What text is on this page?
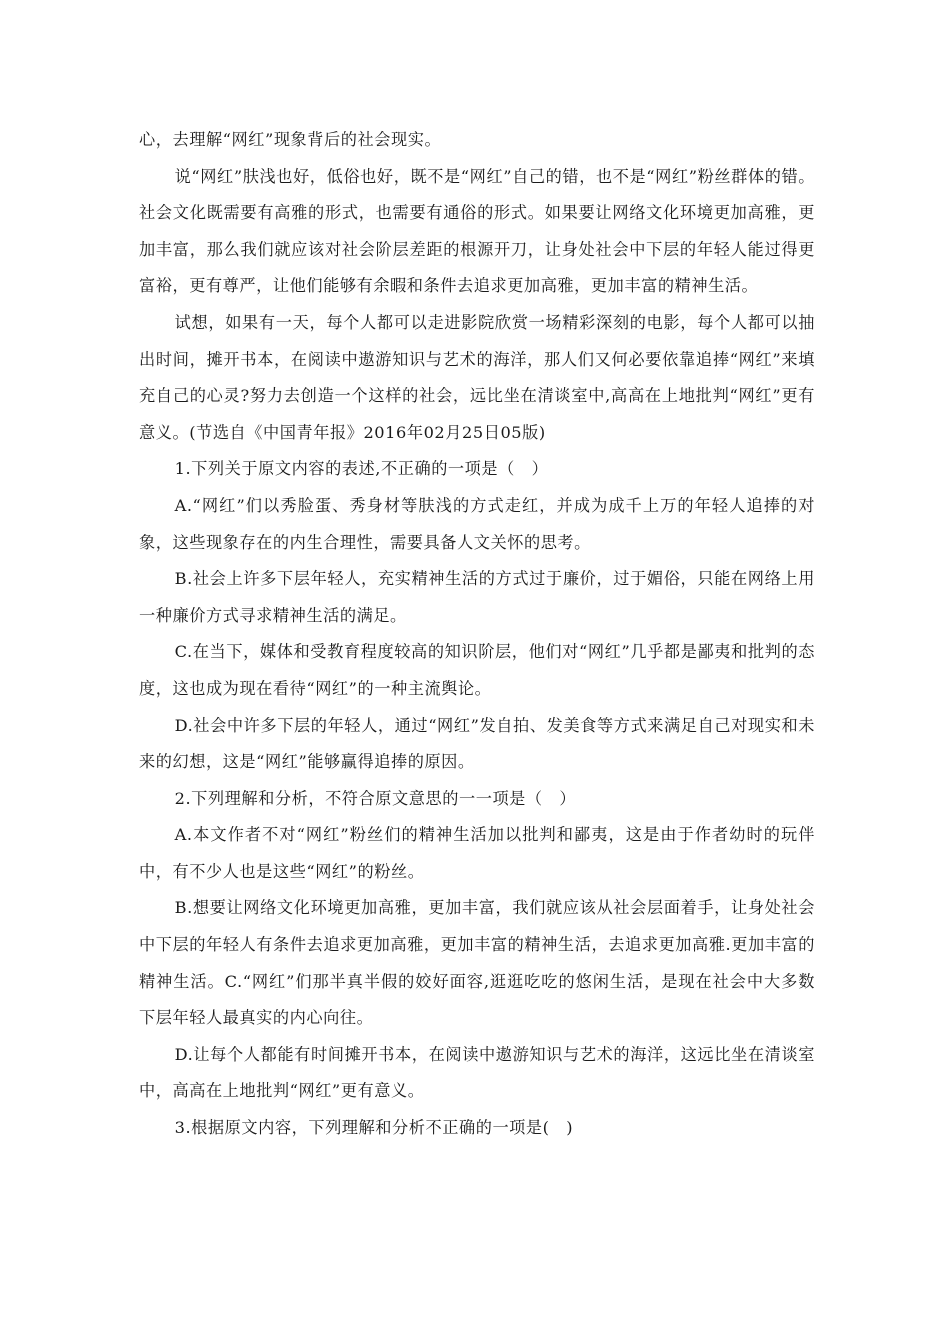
心，去理解“网红”现象背后的社会现实。

说“网红”肤浅也好，低俗也好，既不是“网红”自己的错，也不是“网红”粉丝群体的错。社会文化既需要有高雅的形式，也需要有通俗的形式。如果要让网络文化环境更加高雅，更加丰富，那么我们就应该对社会阶层差距的根源开刀，让身处社会中下层的年轻人能过得更富裕，更有尊严，让他们能够有余暇和条件去追求更加高雅，更加丰富的精神生活。

试想，如果有一天，每个人都可以走进影院欣赏一场精彩深刻的电影，每个人都可以抽出时间，摊开书本，在阅读中遨游知识与艺术的海洋，那人们又何必要依靠追捧“网红”来填充自己的心灵?努力去创造一个这样的社会，远比坐在清谈室中,高高在上地批判“网红”更有意义。(节选自《中国青年报》2016年02月25日05版)

1.下列关于原文内容的表述,不正确的一项是（　）

A.“网红”们以秀脸蛋、秀身材等肤浅的方式走红，并成为成千上万的年轻人追捧的对象，这些现象存在的内生合理性，需要具备人文关怀的思考。

B.社会上许多下层年轻人，充实精神生活的方式过于廉价，过于媚俗，只能在网络上用一种廉价方式寻求精神生活的满足。

C.在当下，媒体和受教育程度较高的知识阶层，他们对“网红”几乎都是鄙夷和批判的态度，这也成为现在看待“网红”的一种主流舆论。

D.社会中许多下层的年轻人，通过“网红”发自拍、发美食等方式来满足自己对现实和未来的幻想，这是“网红”能够赢得追捧的原因。

2.下列理解和分析，不符合原文意思的一一项是（　）

A.本文作者不对“网红”粉丝们的精神生活加以批判和鄙夷，这是由于作者幼时的玩伴中，有不少人也是这些“网红”的粉丝。

B.想要让网络文化环境更加高雅，更加丰富，我们就应该从社会层面着手，让身处社会中下层的年轻人有条件去追求更加高雅，更加丰富的精神生活，去追求更加高雅.更加丰富的精神生活。C.“网红”们那半真半假的姣好面容,逛逛吃吃的悠闲生活，是现在社会中大多数下层年轻人最真实的内心向往。

D.让每个人都能有时间摊开书本，在阅读中遨游知识与艺术的海洋，这远比坐在清谈室中，高高在上地批判“网红”更有意义。

3.根据原文内容，下列理解和分析不正确的一项是(　)
